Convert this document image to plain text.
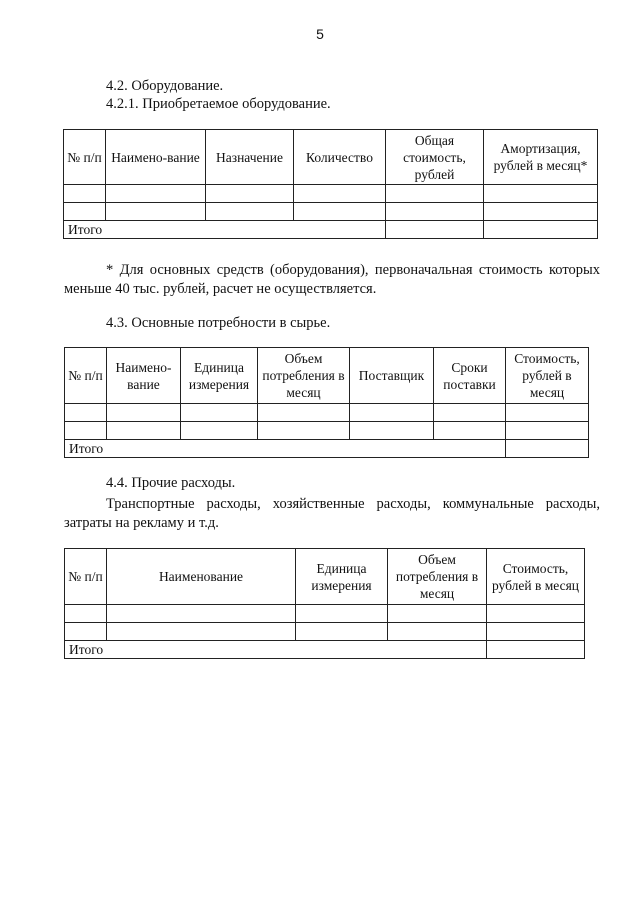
5
4.2. Оборудование.
4.2.1. Приобретаемое оборудование.
№ п/п	Наимено-вание	Назначение	Количество	Общая стоимость, рублей	Амортизация, рублей в месяц*

Итого					
* Для основных средств (оборудования), первоначальная стоимость которых меньше 40 тыс. рублей, расчет не осуществляется.
4.3. Основные потребности в сырье.
№ п/п	Наимено-вание	Единица измерения	Объем потребления в месяц	Поставщик	Сроки поставки	Стоимость, рублей в месяц

Итого						
4.4. Прочие расходы.
Транспортные расходы, хозяйственные расходы, коммунальные расходы, затраты на рекламу и т.д.
№ п/п	Наименование	Единица измерения	Объем потребления в месяц	Стоимость, рублей в месяц

Итого				
